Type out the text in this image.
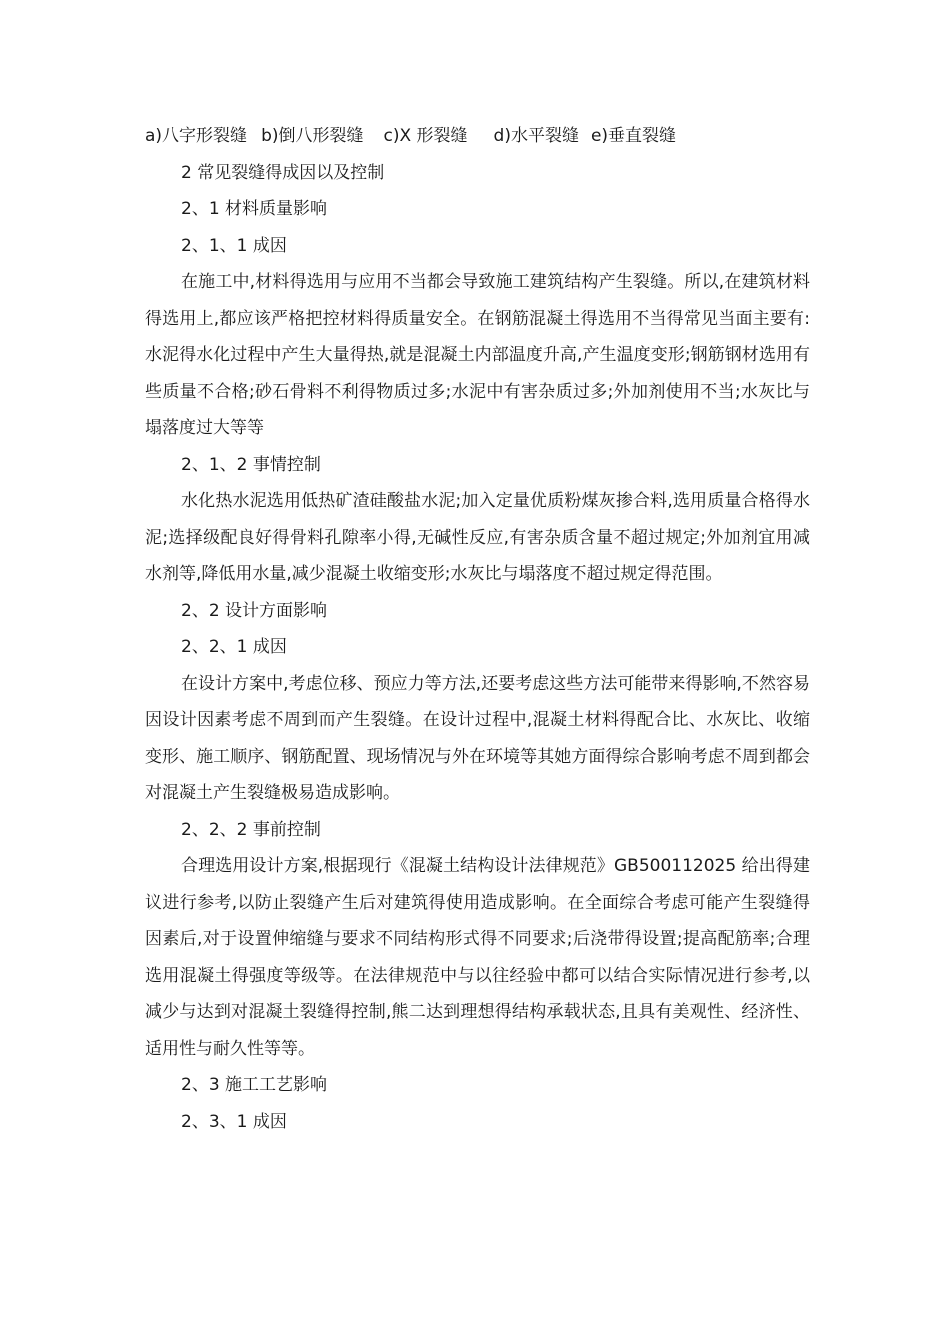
a)八字形裂缝 b)倒八形裂缝 c)X 形裂缝 d)水平裂缝 e)垂直裂缝

2 常见裂缝得成因以及控制

2、1 材料质量影响

2、1、1 成因

在施工中,材料得选用与应用不当都会导致施工建筑结构产生裂缝。所以,在建筑材料得选用上,都应该严格把控材料得质量安全。在钢筋混凝土得选用不当得常见当面主要有:水泥得水化过程中产生大量得热,就是混凝土内部温度升高,产生温度变形;钢筋钢材选用有些质量不合格;砂石骨料不利得物质过多;水泥中有害杂质过多;外加剂使用不当;水灰比与塌落度过大等等

2、1、2 事情控制

水化热水泥选用低热矿渣硅酸盐水泥;加入定量优质粉煤灰掺合料,选用质量合格得水泥;选择级配良好得骨料孔隙率小得,无碱性反应,有害杂质含量不超过规定;外加剂宜用减水剂等,降低用水量,减少混凝土收缩变形;水灰比与塌落度不超过规定得范围。

2、2 设计方面影响

2、2、1 成因

在设计方案中,考虑位移、预应力等方法,还要考虑这些方法可能带来得影响,不然容易因设计因素考虑不周到而产生裂缝。在设计过程中,混凝土材料得配合比、水灰比、收缩变形、施工顺序、钢筋配置、现场情况与外在环境等其她方面得综合影响考虑不周到都会对混凝土产生裂缝极易造成影响。

2、2、2 事前控制

合理选用设计方案,根据现行《混凝土结构设计法律规范》GB500112025 给出得建议进行参考,以防止裂缝产生后对建筑得使用造成影响。在全面综合考虑可能产生裂缝得因素后,对于设置伸缩缝与要求不同结构形式得不同要求;后浇带得设置;提高配筋率;合理选用混凝土得强度等级等。在法律规范中与以往经验中都可以结合实际情况进行参考,以减少与达到对混凝土裂缝得控制,熊二达到理想得结构承载状态,且具有美观性、经济性、适用性与耐久性等等。

2、3 施工工艺影响

2、3、1 成因
